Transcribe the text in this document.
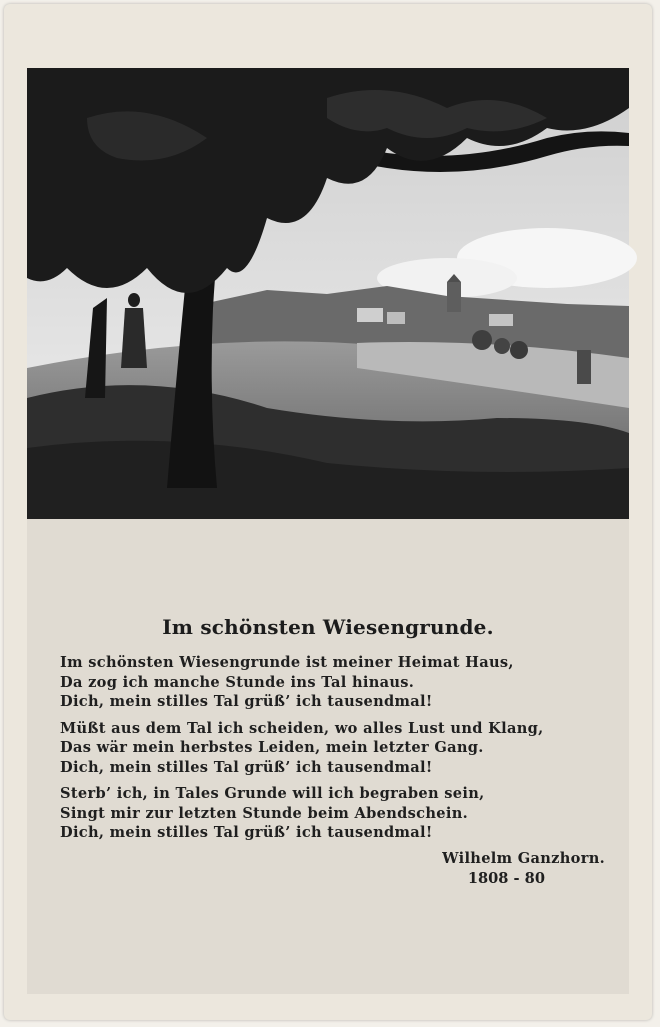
Im schönsten Wiesengrunde.
Im schönsten Wiesengrunde ist meiner Heimat Haus,
Da zog ich manche Stunde ins Tal hinaus.
Dich, mein stilles Tal grüß’ ich tausendmal!
Müßt aus dem Tal ich scheiden, wo alles Lust und Klang,
Das wär mein herbstes Leiden, mein letzter Gang.
Dich, mein stilles Tal grüß’ ich tausendmal!
Sterb’ ich, in Tales Grunde will ich begraben sein,
Singt mir zur letzten Stunde beim Abendschein.
Dich, mein stilles Tal grüß’ ich tausendmal!
Wilhelm Ganzhorn.
1808 - 80
